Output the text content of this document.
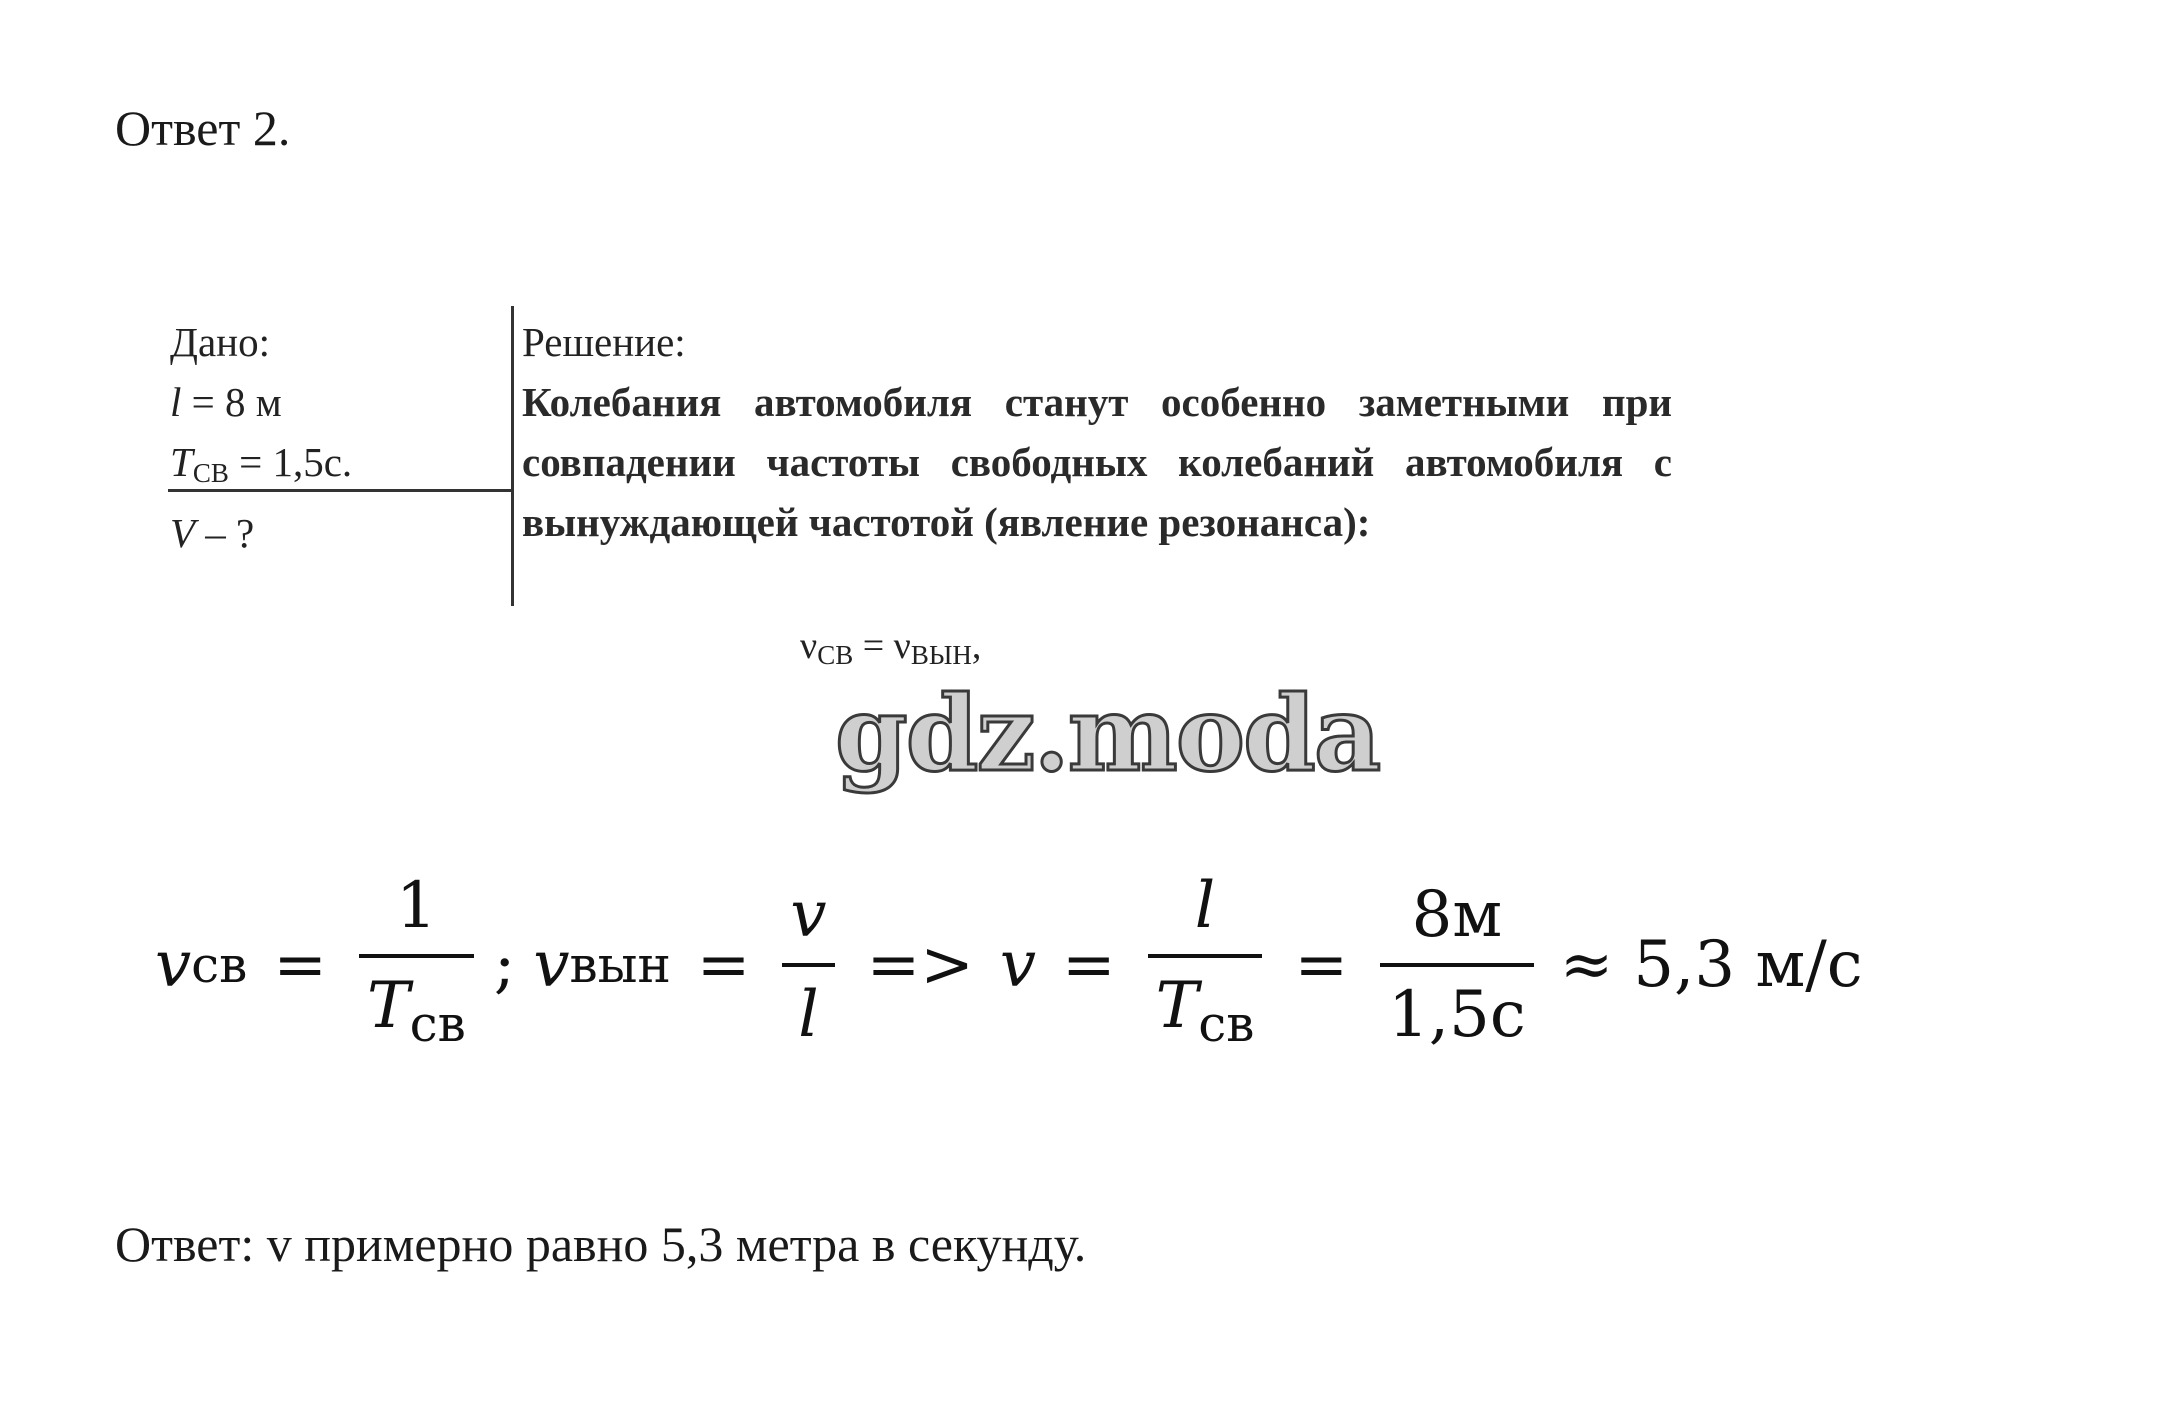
Ответ 2.
Дано:
l = 8 м
$T_{СВ} = 1,5с$.
V – ?
Решение:
Колебания автомобиля станут особенно заметными при совпадении частоты свободных колебаний автомобиля с вынуждающей частотой (явление резонанса):
$\nu_{СВ} = \nu_{ВЫН}$,
gdz.moda
v св = $\frac{1}{T_{св}}$ ; v вын = $\frac{v}{l} => v = \frac{l}{T_{св}} = \frac{8м}{1,5с} \approx 5,3$ м/с

Ответ: v примерно равно 5,3 метра в секунду.
